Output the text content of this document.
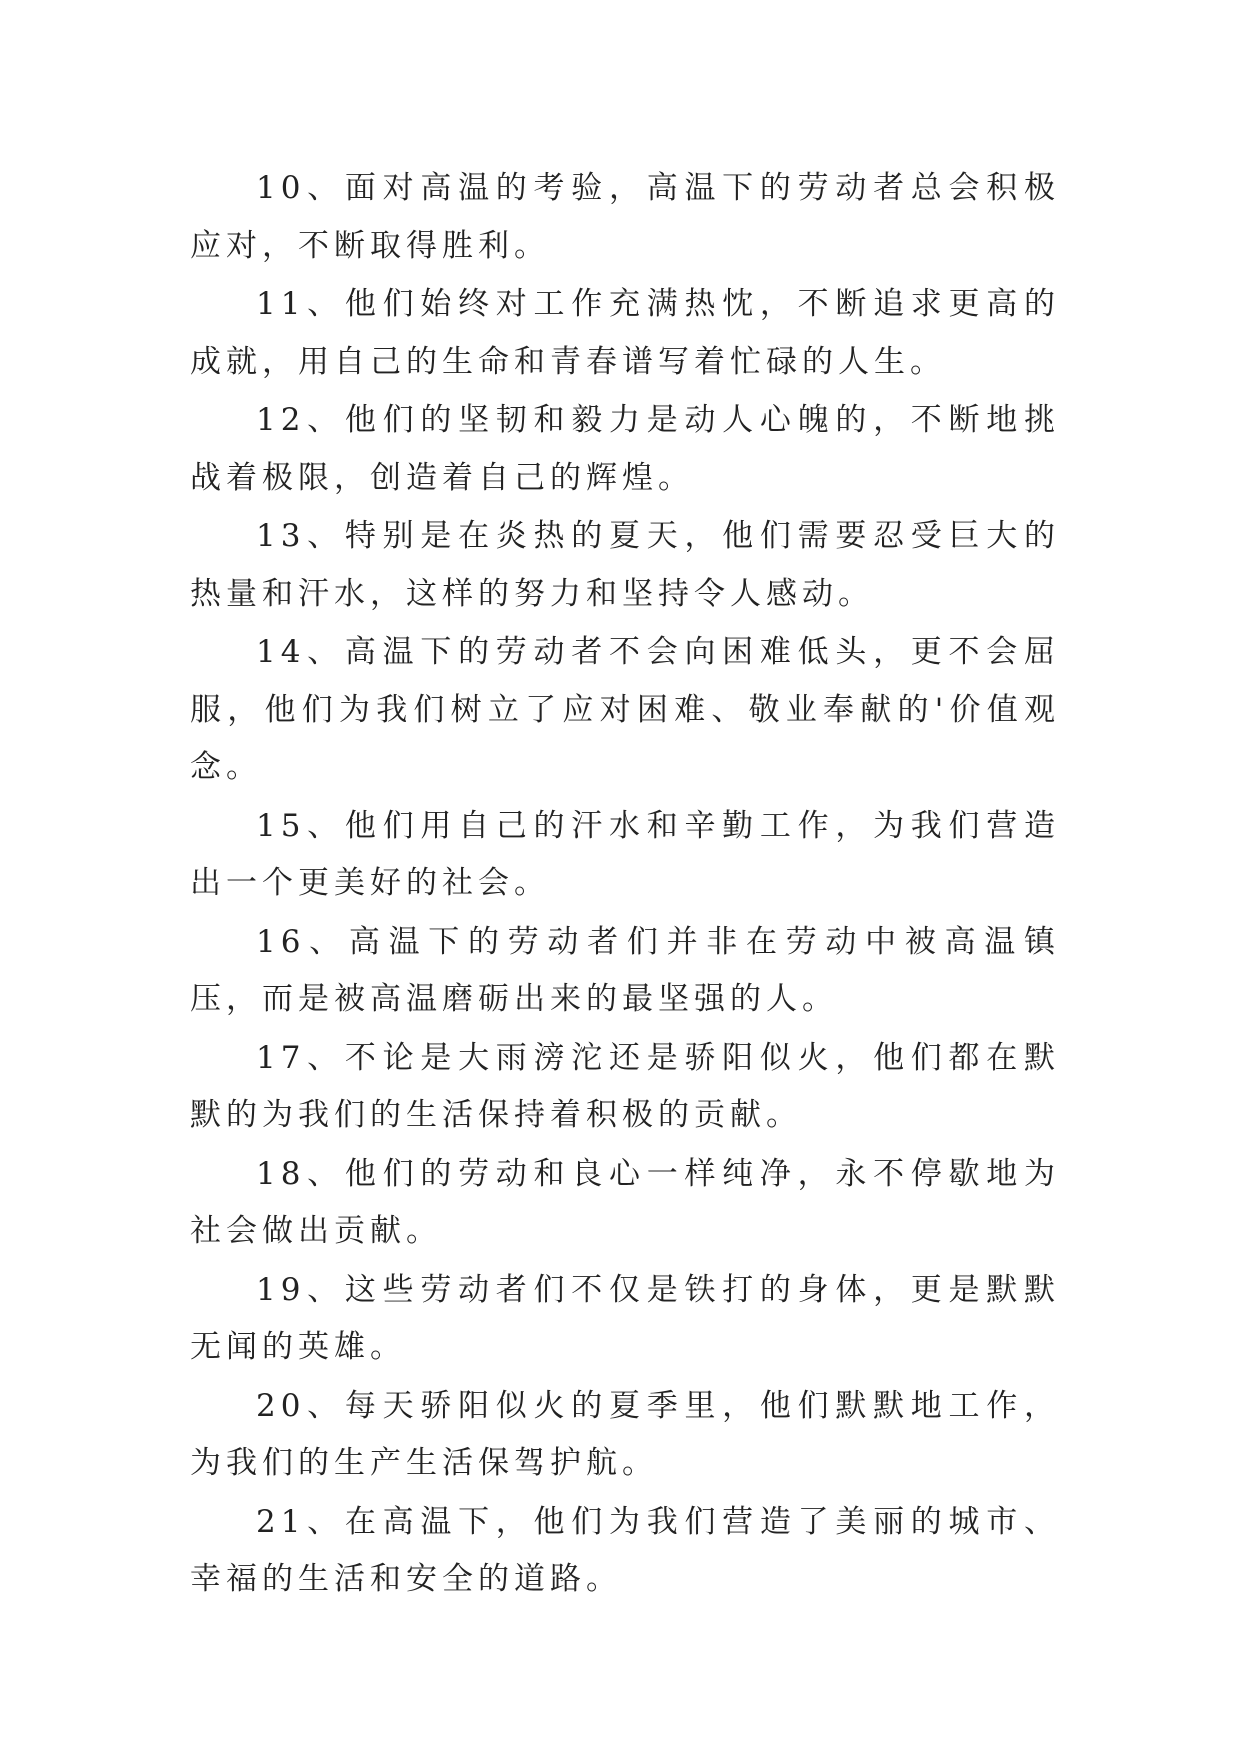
10、面对高温的考验，高温下的劳动者总会积极应对，不断取得胜利。

11、他们始终对工作充满热忱，不断追求更高的成就，用自己的生命和青春谱写着忙碌的人生。

12、他们的坚韧和毅力是动人心魄的，不断地挑战着极限，创造着自己的辉煌。

13、特别是在炎热的夏天，他们需要忍受巨大的热量和汗水，这样的努力和坚持令人感动。

14、高温下的劳动者不会向困难低头，更不会屈服，他们为我们树立了应对困难、敬业奉献的'价值观念。

15、他们用自己的汗水和辛勤工作，为我们营造出一个更美好的社会。

16、高温下的劳动者们并非在劳动中被高温镇压，而是被高温磨砺出来的最坚强的人。

17、不论是大雨滂沱还是骄阳似火，他们都在默默的为我们的生活保持着积极的贡献。

18、他们的劳动和良心一样纯净，永不停歇地为社会做出贡献。

19、这些劳动者们不仅是铁打的身体，更是默默无闻的英雄。

20、每天骄阳似火的夏季里，他们默默地工作，为我们的生产生活保驾护航。

21、在高温下，他们为我们营造了美丽的城市、幸福的生活和安全的道路。
